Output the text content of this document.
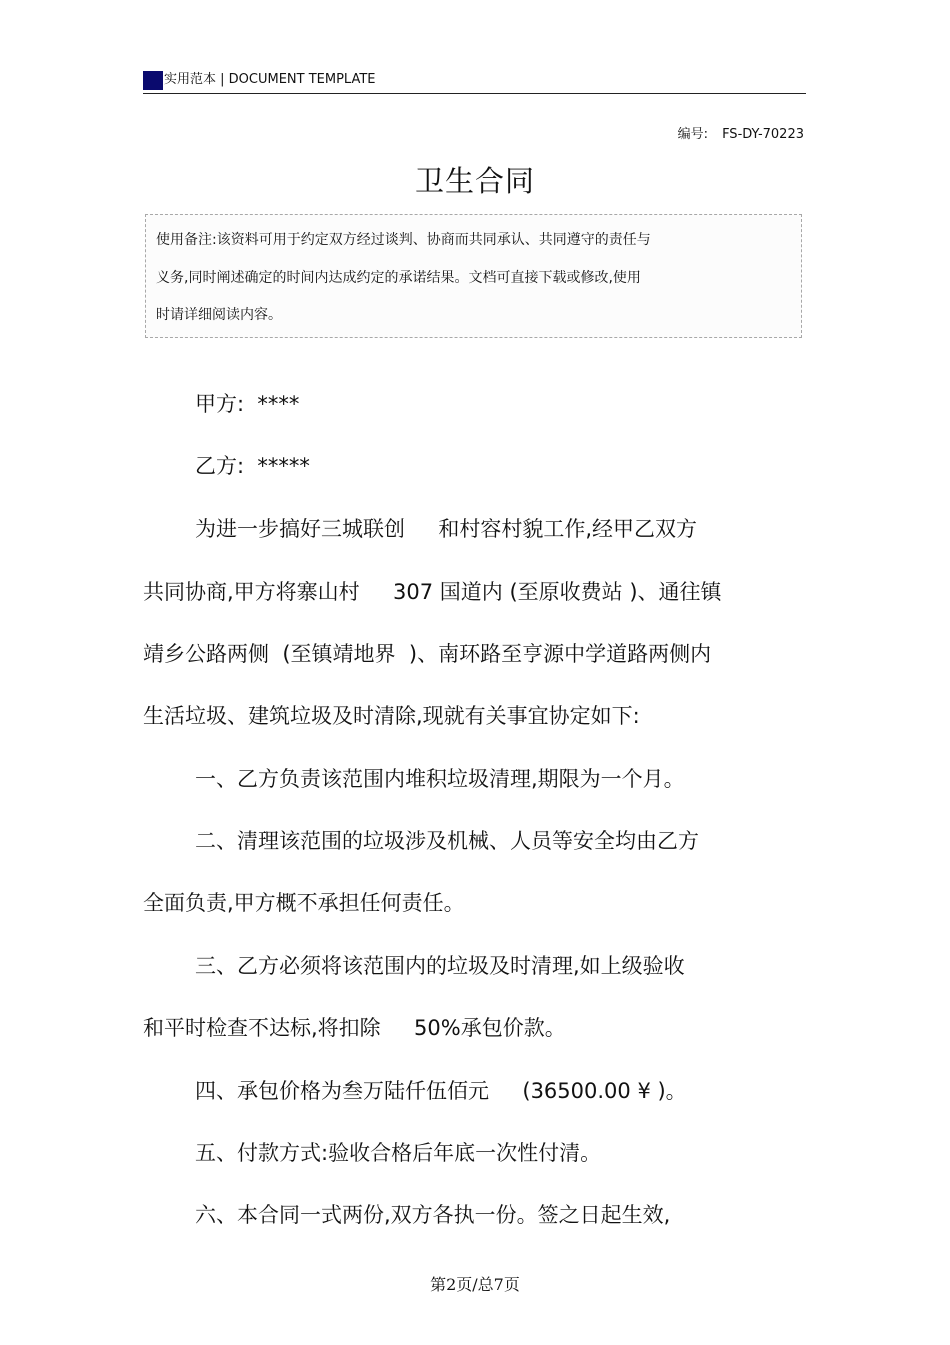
实用范本 | DOCUMENT TEMPLATE
编号: FS-DY-70223
卫生合同

使用备注:该资料可用于约定双方经过谈判、协商而共同承认、共同遵守的责任与

义务,同时阐述确定的时间内达成约定的承诺结果。文档可直接下载或修改,使用

时请详细阅读内容。

甲方:  ****
乙方:  *****
为进一步搞好三城联创     和村容村貌工作,经甲乙双方
共同协商,甲方将寨山村     307 国道内 (至原收费站 )、通往镇
靖乡公路两侧  (至镇靖地界  )、南环路至亨源中学道路两侧内
生活垃圾、建筑垃圾及时清除,现就有关事宜协定如下:
一、乙方负责该范围内堆积垃圾清理,期限为一个月。
二、清理该范围的垃圾涉及机械、人员等安全均由乙方
全面负责,甲方概不承担任何责任。
三、乙方必须将该范围内的垃圾及时清理,如上级验收
和平时检查不达标,将扣除     50%承包价款。
四、承包价格为叁万陆仟伍佰元     (36500.00 ¥ )。
五、付款方式:验收合格后年底一次性付清。
六、本合同一式两份,双方各执一份。签之日起生效,
第2页/总7页
